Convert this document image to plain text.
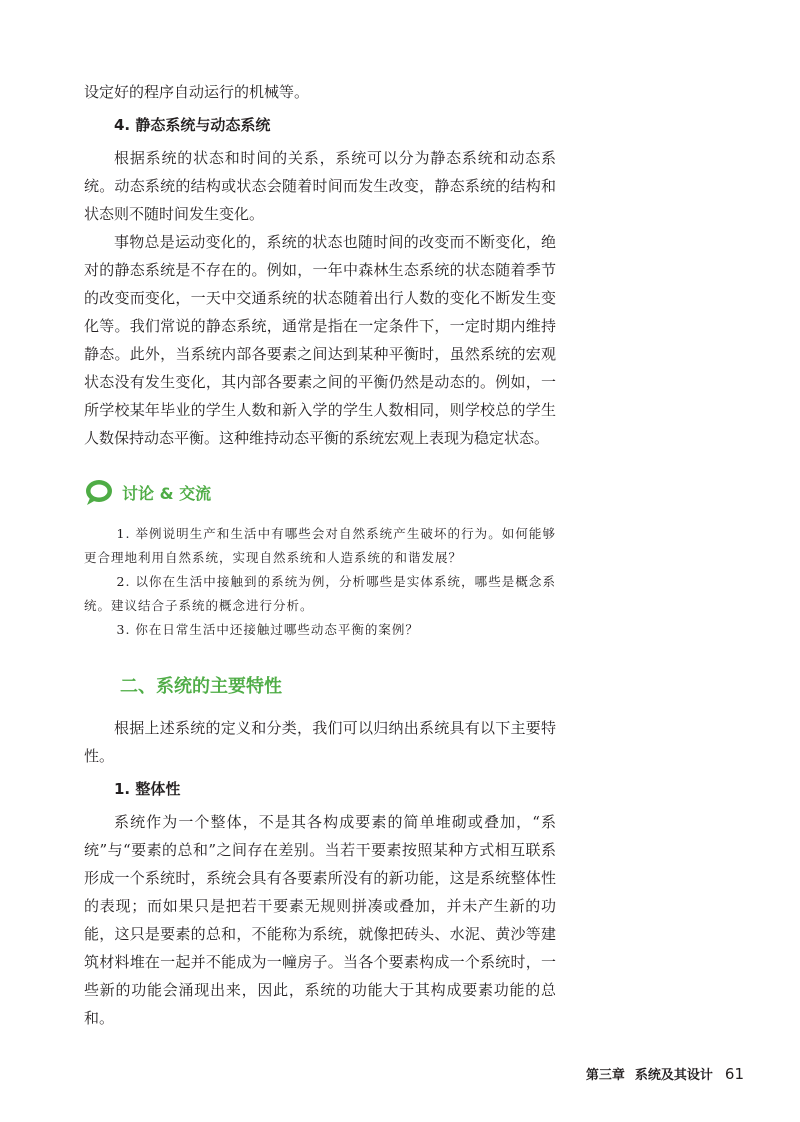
设定好的程序自动运行的机械等。

4. 静态系统与动态系统

根据系统的状态和时间的关系，系统可以分为静态系统和动态系统。动态系统的结构或状态会随着时间而发生改变，静态系统的结构和状态则不随时间发生变化。

事物总是运动变化的，系统的状态也随时间的改变而不断变化，绝对的静态系统是不存在的。例如，一年中森林生态系统的状态随着季节的改变而变化，一天中交通系统的状态随着出行人数的变化不断发生变化等。我们常说的静态系统，通常是指在一定条件下，一定时期内维持静态。此外，当系统内部各要素之间达到某种平衡时，虽然系统的宏观状态没有发生变化，其内部各要素之间的平衡仍然是动态的。例如，一所学校某年毕业的学生人数和新入学的学生人数相同，则学校总的学生人数保持动态平衡。这种维持动态平衡的系统宏观上表现为稳定状态。

讨论 & 交流
1. 举例说明生产和生活中有哪些会对自然系统产生破坏的行为。如何能够更合理地利用自然系统，实现自然系统和人造系统的和谐发展？
2. 以你在生活中接触到的系统为例，分析哪些是实体系统，哪些是概念系统。建议结合子系统的概念进行分析。
3. 你在日常生活中还接触过哪些动态平衡的案例？
二、系统的主要特性

根据上述系统的定义和分类，我们可以归纳出系统具有以下主要特性。

1. 整体性

系统作为一个整体，不是其各构成要素的简单堆砌或叠加，“系统”与“要素的总和”之间存在差别。当若干要素按照某种方式相互联系形成一个系统时，系统会具有各要素所没有的新功能，这是系统整体性的表现；而如果只是把若干要素无规则拼凑或叠加，并未产生新的功能，这只是要素的总和，不能称为系统，就像把砖头、水泥、黄沙等建筑材料堆在一起并不能成为一幢房子。当各个要素构成一个系统时，一些新的功能会涌现出来，因此，系统的功能大于其构成要素功能的总和。

第三章 系统及其设计 61
